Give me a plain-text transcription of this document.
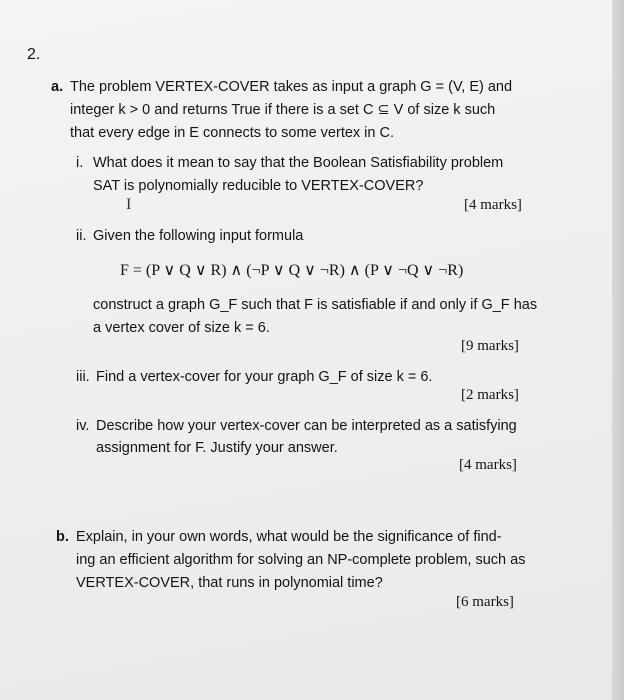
2.
a. The problem VERTEX-COVER takes as input a graph G = (V, E) and
integer k > 0 and returns True if there is a set C ⊆ V of size k such
that every edge in E connects to some vertex in C.
i. What does it mean to say that the Boolean Satisfiability problem
SAT is polynomially reducible to VERTEX-COVER?
I	[4 marks]
ii. Given the following input formula
F = (P ∨ Q ∨ R) ∧ (¬P ∨ Q ∨ ¬R) ∧ (P ∨ ¬Q ∨ ¬R)
construct a graph G_F such that F is satisfiable if and only if G_F has
a vertex cover of size k = 6.
[9 marks]
iii. Find a vertex-cover for your graph G_F of size k = 6.
[2 marks]
iv. Describe how your vertex-cover can be interpreted as a satisfying
assignment for F. Justify your answer.
[4 marks]
b. Explain, in your own words, what would be the significance of find-
ing an efficient algorithm for solving an NP-complete problem, such as
VERTEX-COVER, that runs in polynomial time?
[6 marks]
